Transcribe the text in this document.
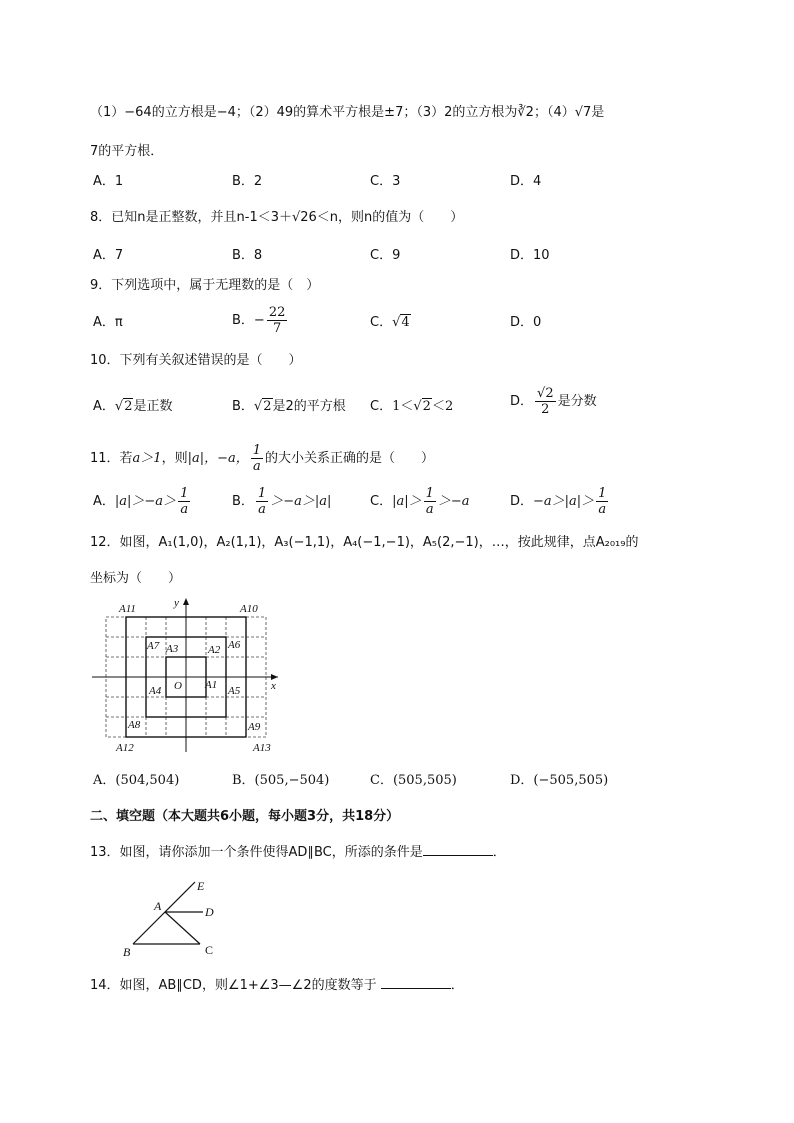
（1）−64的立方根是−4；（2）49的算术平方根是±7；（3）2的立方根为∛2；（4）√7是
7的平方根．
A．1	B．2	C．3	D．4
8．已知n是正整数，并且n-1＜3＋√26＜n，则n的值为（　　）
A．7	B．8	C．9	D．10
9．下列选项中，属于无理数的是（　）
A．π	B．− $\frac{22}{7}$	C．√4	D．0
10．下列有关叙述错误的是（　　）
A．√2是正数	B．√2是2的平方根 C．1＜√2＜2	D． $\frac{√2}{2}$ 是分数
11．若a＞1，则|a|，−a， $\frac{1}{a}$ 的大小关系正确的是（　　）
A．$|a|>-a> \frac{1}{a}$	B． $\frac{1}{a} >-a>|a|$	C．$|a|> \frac{1}{a} >-a$	D．$-a>|a|> \frac{1}{a}$
12．如图，A₁(1,0)，A₂(1,1)，A₃(−1,1)，A₄(−1,−1)，A₅(2,−1)，…，按此规律，点A₂₀₁₉的
坐标为（　　）
x
y
O A1
A2
A3
A4	A5
A6
A7
A8	A9
A10
A11
A12	A13
A．(504,504)	B．(505,−504)	C．(505,505)	D．(−505,505)
二、填空题（本大题共6小题，每小题3分，共18分）
13．如图，请你添加一个条件使得AD∥BC，所添的条件是	．
A
B	C
D
E
14．如图，AB∥CD，则∠1+∠3—∠2的度数等于	．
